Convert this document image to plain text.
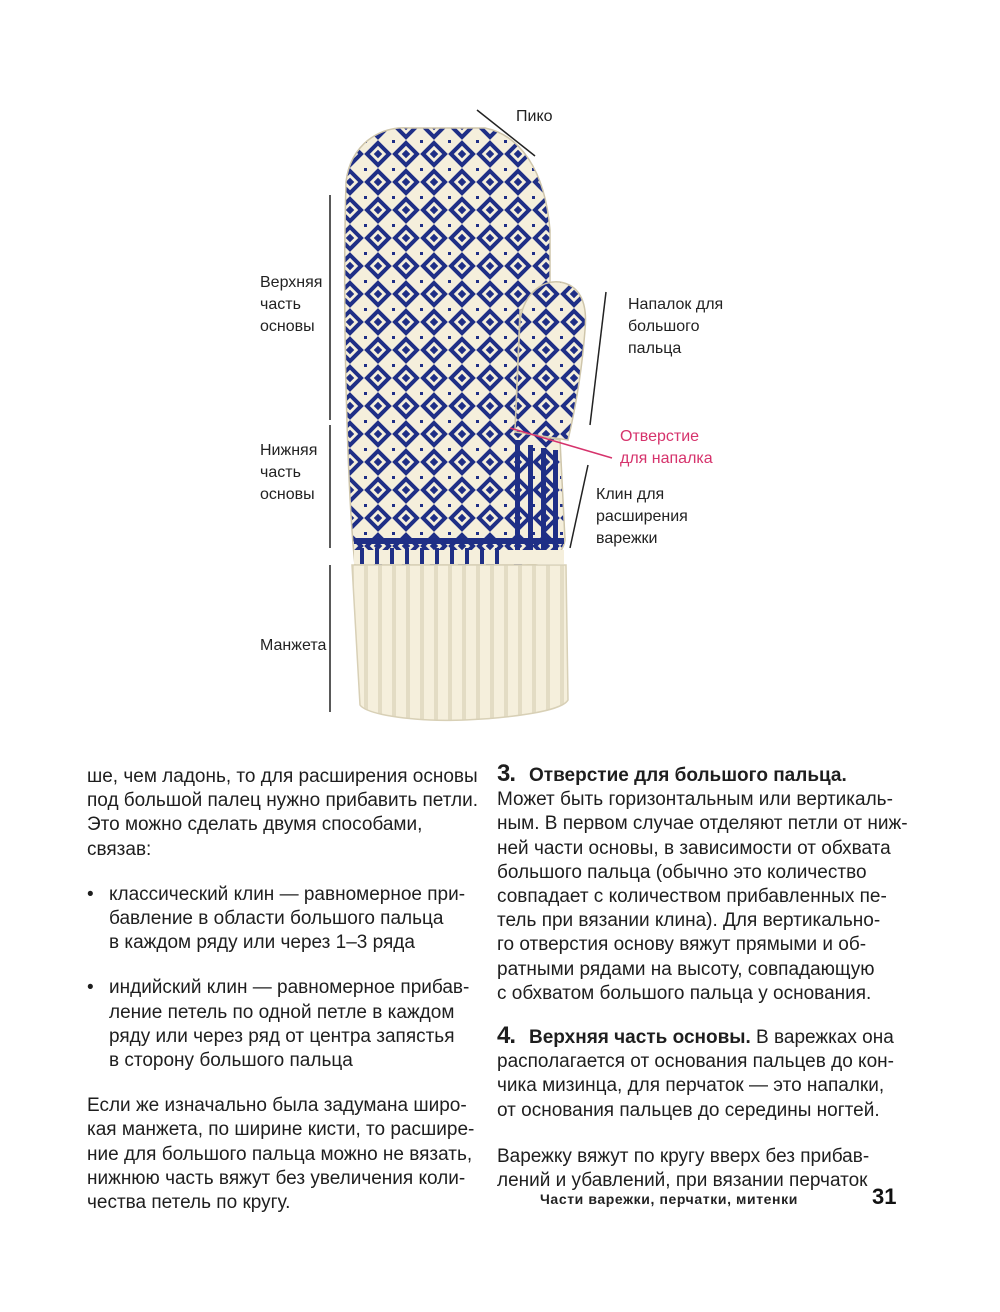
Пико
Верхняя
часть
основы
Нижняя
часть
основы
Манжета
Напалок для
большого
пальца
Отверстие
для напалка
Клин для
расширения
варежки

ше, чем ладонь, то для расширения основы
под большой палец нужно прибавить петли.
Это можно сделать двумя способами, связав:

• классический клин — равномерное при-
бавление в области большого пальца
в каждом ряду или через 1–3 ряда

• индийский клин — равномерное прибав-
ление петель по одной петле в каждом
ряду или через ряд от центра запястья
в сторону большого пальца

Если же изначально была задумана широ-
кая манжета, по ширине кисти, то расшире-
ние для большого пальца можно не вязать,
нижнюю часть вяжут без увеличения коли-
чества петель по кругу.

3. Отверстие для большого пальца.

Может быть горизонтальным или вертикаль-
ным. В первом случае отделяют петли от ниж-
ней части основы, в зависимости от обхвата
большого пальца (обычно это количество
совпадает с количеством прибавленных пе-
тель при вязании клина). Для вертикально-
го отверстия основу вяжут прямыми и об-
ратными рядами на высоту, совпадающую
с обхватом большого пальца у основания.

4. Верхняя часть основы. В варежках она

располагается от основания пальцев до кон-
чика мизинца, для перчаток — это напалки,
от основания пальцев до середины ногтей.

Варежку вяжут по кругу вверх без прибав-
лений и убавлений, при вязании перчаток

Части варежки, перчатки, митенки	31
